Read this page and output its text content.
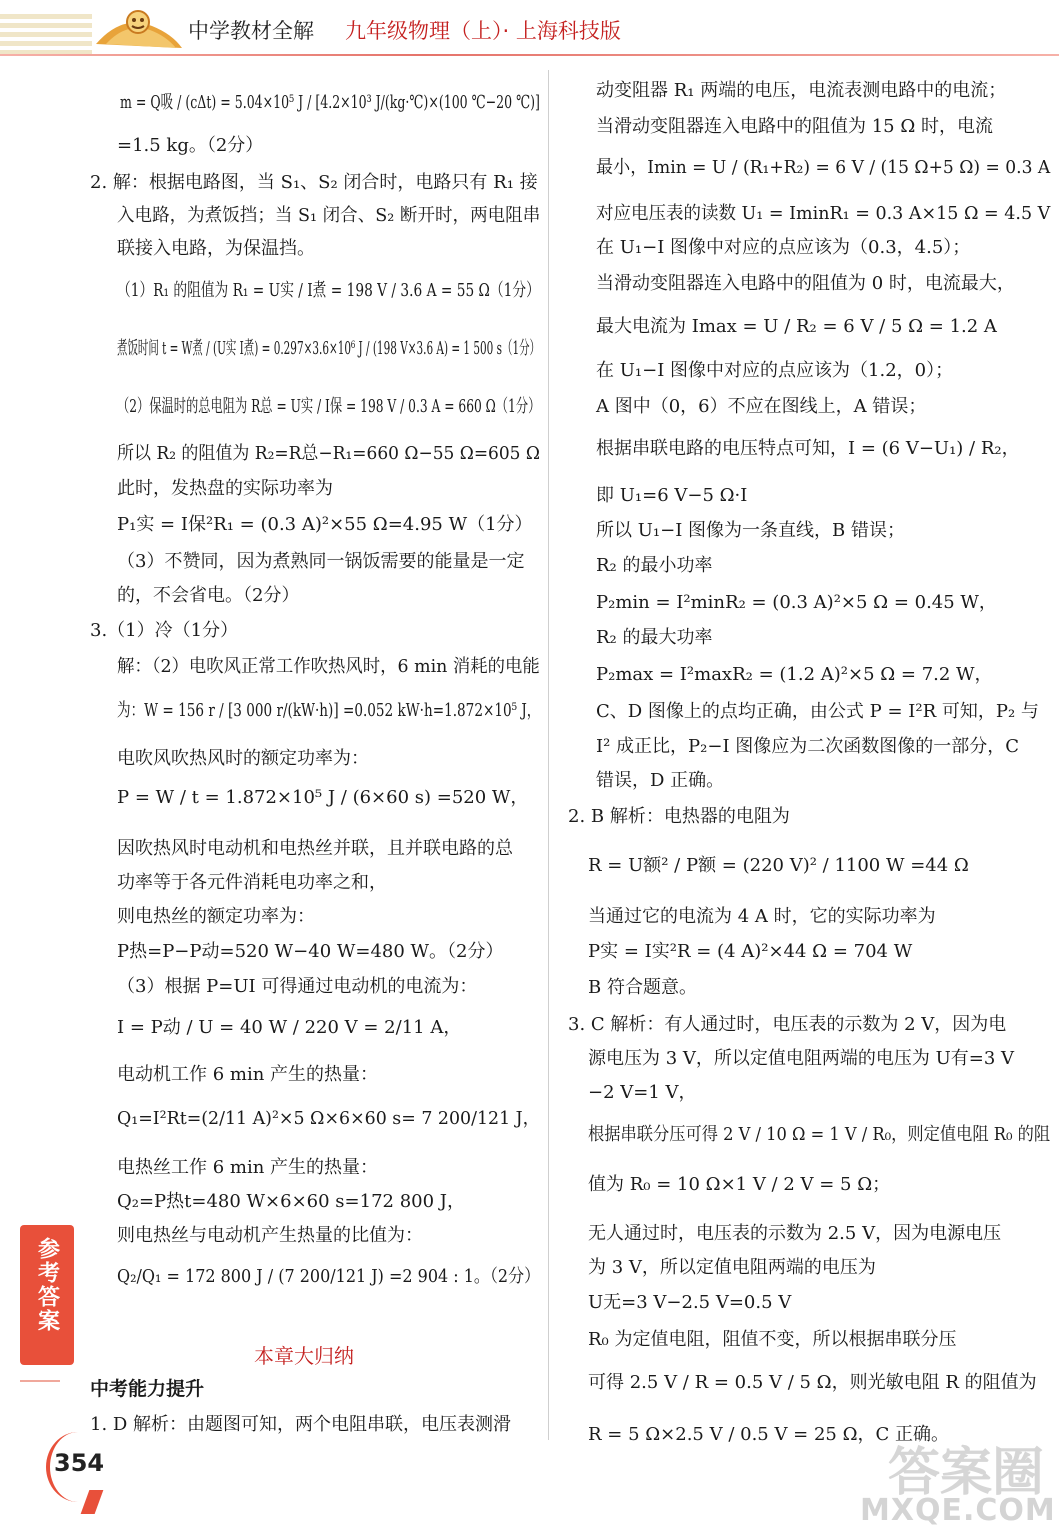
中学教材全解 九年级物理（上）· 上海科技版
m = Q吸 / (cΔt) = 5.04×10⁵ J / [4.2×10³ J/(kg·℃)×(100 ℃−20 ℃)]
=1.5 kg。（2分）
2. 解：根据电路图，当 S₁、S₂ 闭合时，电路只有 R₁ 接
入电路，为煮饭挡；当 S₁ 闭合、S₂ 断开时，两电阻串
联接入电路，为保温挡。
（1）R₁ 的阻值为 R₁ = U实 / I煮 = 198 V / 3.6 A = 55 Ω（1分）
煮饭时间 t = W煮 / (U实 I煮) = 0.297×3.6×10⁶ J / (198 V×3.6 A) = 1 500 s（1分）
（2）保温时的总电阻为 R总 = U实 / I保 = 198 V / 0.3 A = 660 Ω（1分）
所以 R₂ 的阻值为 R₂=R总−R₁=660 Ω−55 Ω=605 Ω
此时，发热盘的实际功率为
P₁实 = I保²R₁ = (0.3 A)²×55 Ω=4.95 W（1分）
（3）不赞同，因为煮熟同一锅饭需要的能量是一定
的，不会省电。（2分）
3.（1）冷（1分）
解：（2）电吹风正常工作吹热风时，6 min 消耗的电能
为：W = 156 r / [3 000 r/(kW·h)] =0.052 kW·h=1.872×10⁵ J，
电吹风吹热风时的额定功率为：
P = W / t = 1.872×10⁵ J / (6×60 s) =520 W，
因吹热风时电动机和电热丝并联，且并联电路的总
功率等于各元件消耗电功率之和，
则电热丝的额定功率为：
P热=P−P动=520 W−40 W=480 W。（2分）
（3）根据 P=UI 可得通过电动机的电流为：
I = P动 / U = 40 W / 220 V = 2/11 A，
电动机工作 6 min 产生的热量：
Q₁=I²Rt=(2/11 A)²×5 Ω×6×60 s= 7 200/121 J，
电热丝工作 6 min 产生的热量：
Q₂=P热t=480 W×6×60 s=172 800 J，
则电热丝与电动机产生热量的比值为：
Q₂/Q₁ = 172 800 J / (7 200/121 J) =2 904 : 1。（2分）
本章大归纳
中考能力提升
1. D 解析：由题图可知，两个电阻串联，电压表测滑
动变阻器 R₁ 两端的电压，电流表测电路中的电流；
当滑动变阻器连入电路中的阻值为 15 Ω 时，电流
最小，Imin = U / (R₁+R₂) = 6 V / (15 Ω+5 Ω) = 0.3 A
对应电压表的读数 U₁ = IminR₁ = 0.3 A×15 Ω = 4.5 V
在 U₁−I 图像中对应的点应该为（0.3，4.5）；
当滑动变阻器连入电路中的阻值为 0 时，电流最大，
最大电流为 Imax = U / R₂ = 6 V / 5 Ω = 1.2 A
在 U₁−I 图像中对应的点应该为（1.2，0）；
A 图中（0，6）不应在图线上，A 错误；
根据串联电路的电压特点可知，I = (6 V−U₁) / R₂，
即 U₁=6 V−5 Ω·I
所以 U₁−I 图像为一条直线，B 错误；
R₂ 的最小功率
P₂min = I²minR₂ = (0.3 A)²×5 Ω = 0.45 W，
R₂ 的最大功率
P₂max = I²maxR₂ = (1.2 A)²×5 Ω = 7.2 W，
C、D 图像上的点均正确，由公式 P = I²R 可知，P₂ 与
I² 成正比，P₂−I 图像应为二次函数图像的一部分，C
错误，D 正确。
2. B 解析：电热器的电阻为
R = U额² / P额 = (220 V)² / 1100 W =44 Ω
当通过它的电流为 4 A 时，它的实际功率为
P实 = I实²R = (4 A)²×44 Ω = 704 W
B 符合题意。
3. C 解析：有人通过时，电压表的示数为 2 V，因为电
源电压为 3 V，所以定值电阻两端的电压为 U有=3 V
−2 V=1 V，
根据串联分压可得 2 V / 10 Ω = 1 V / R₀，则定值电阻 R₀ 的阻
值为 R₀ = 10 Ω×1 V / 2 V = 5 Ω；
无人通过时，电压表的示数为 2.5 V，因为电源电压
为 3 V，所以定值电阻两端的电压为
U无=3 V−2.5 V=0.5 V
R₀ 为定值电阻，阻值不变，所以根据串联分压
可得 2.5 V / R = 0.5 V / 5 Ω，则光敏电阻 R 的阻值为
R = 5 Ω×2.5 V / 0.5 V = 25 Ω，C 正确。
参考答案
354	答案圈
MXQE.COM
